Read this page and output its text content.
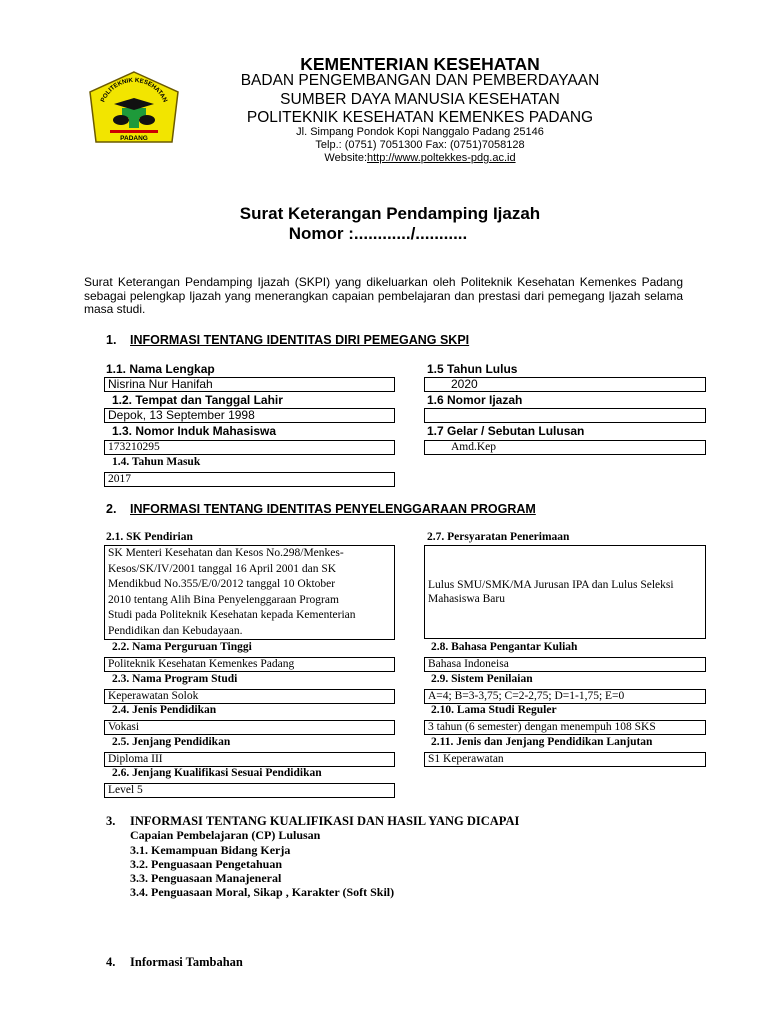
POLITEKNIK KESEHATAN
PADANG
KEMENTERIAN KESEHATAN
BADAN PENGEMBANGAN DAN PEMBERDAYAAN
SUMBER DAYA MANUSIA KESEHATAN
POLITEKNIK KESEHATAN KEMENKES PADANG
Jl. Simpang Pondok Kopi Nanggalo Padang 25146
Telp.: (0751) 7051300 Fax: (0751)7058128
Website:http://www.poltekkes-pdg.ac.id
Surat Keterangan Pendamping Ijazah
Nomor :............/...........
Surat Keterangan Pendamping Ijazah (SKPI) yang dikeluarkan oleh Politeknik Kesehatan Kemenkes Padang sebagai pelengkap Ijazah yang menerangkan capaian pembelajaran dan prestasi dari pemegang Ijazah selama masa studi.
1. INFORMASI TENTANG IDENTITAS DIRI PEMEGANG SKPI
1.1. Nama Lengkap
Nisrina Nur Hanifah
1.2. Tempat dan Tanggal Lahir
Depok, 13 September 1998
1.3. Nomor Induk Mahasiswa
173210295
1.4. Tahun Masuk
2017
1.5 Tahun Lulus
2020
1.6 Nomor Ijazah
1.7 Gelar / Sebutan Lulusan
Amd.Kep
2. INFORMASI TENTANG IDENTITAS PENYELENGGARAAN PROGRAM
2.1. SK Pendirian
SK Menteri Kesehatan dan Kesos No.298/Menkes-
Kesos/SK/IV/2001 tanggal 16 April 2001 dan SK
Mendikbud No.355/E/0/2012 tanggal 10 Oktober
2010 tentang Alih Bina Penyelenggaraan Program
Studi pada Politeknik Kesehatan kepada Kementerian
Pendidikan dan Kebudayaan.
2.2. Nama Perguruan Tinggi
Politeknik Kesehatan Kemenkes Padang
2.3. Nama Program Studi
Keperawatan Solok
2.4. Jenis Pendidikan
Vokasi
2.5. Jenjang Pendidikan
Diploma III
2.6. Jenjang Kualifikasi Sesuai Pendidikan
Level 5
2.7. Persyaratan Penerimaan
Lulus SMU/SMK/MA Jurusan IPA dan Lulus Seleksi Mahasiswa Baru
2.8. Bahasa Pengantar Kuliah
Bahasa Indoneisa
2.9. Sistem Penilaian
A=4; B=3-3,75; C=2-2,75; D=1-1,75; E=0
2.10. Lama Studi Reguler
3 tahun (6 semester) dengan menempuh 108 SKS
2.11. Jenis dan Jenjang Pendidikan Lanjutan
S1 Keperawatan
3. INFORMASI TENTANG KUALIFIKASI DAN HASIL YANG DICAPAI
Capaian Pembelajaran (CP) Lulusan
3.1. Kemampuan Bidang Kerja
3.2. Penguasaan Pengetahuan
3.3. Penguasaan Manajeneral
3.4. Penguasaan Moral, Sikap , Karakter (Soft Skil)
4. Informasi Tambahan
